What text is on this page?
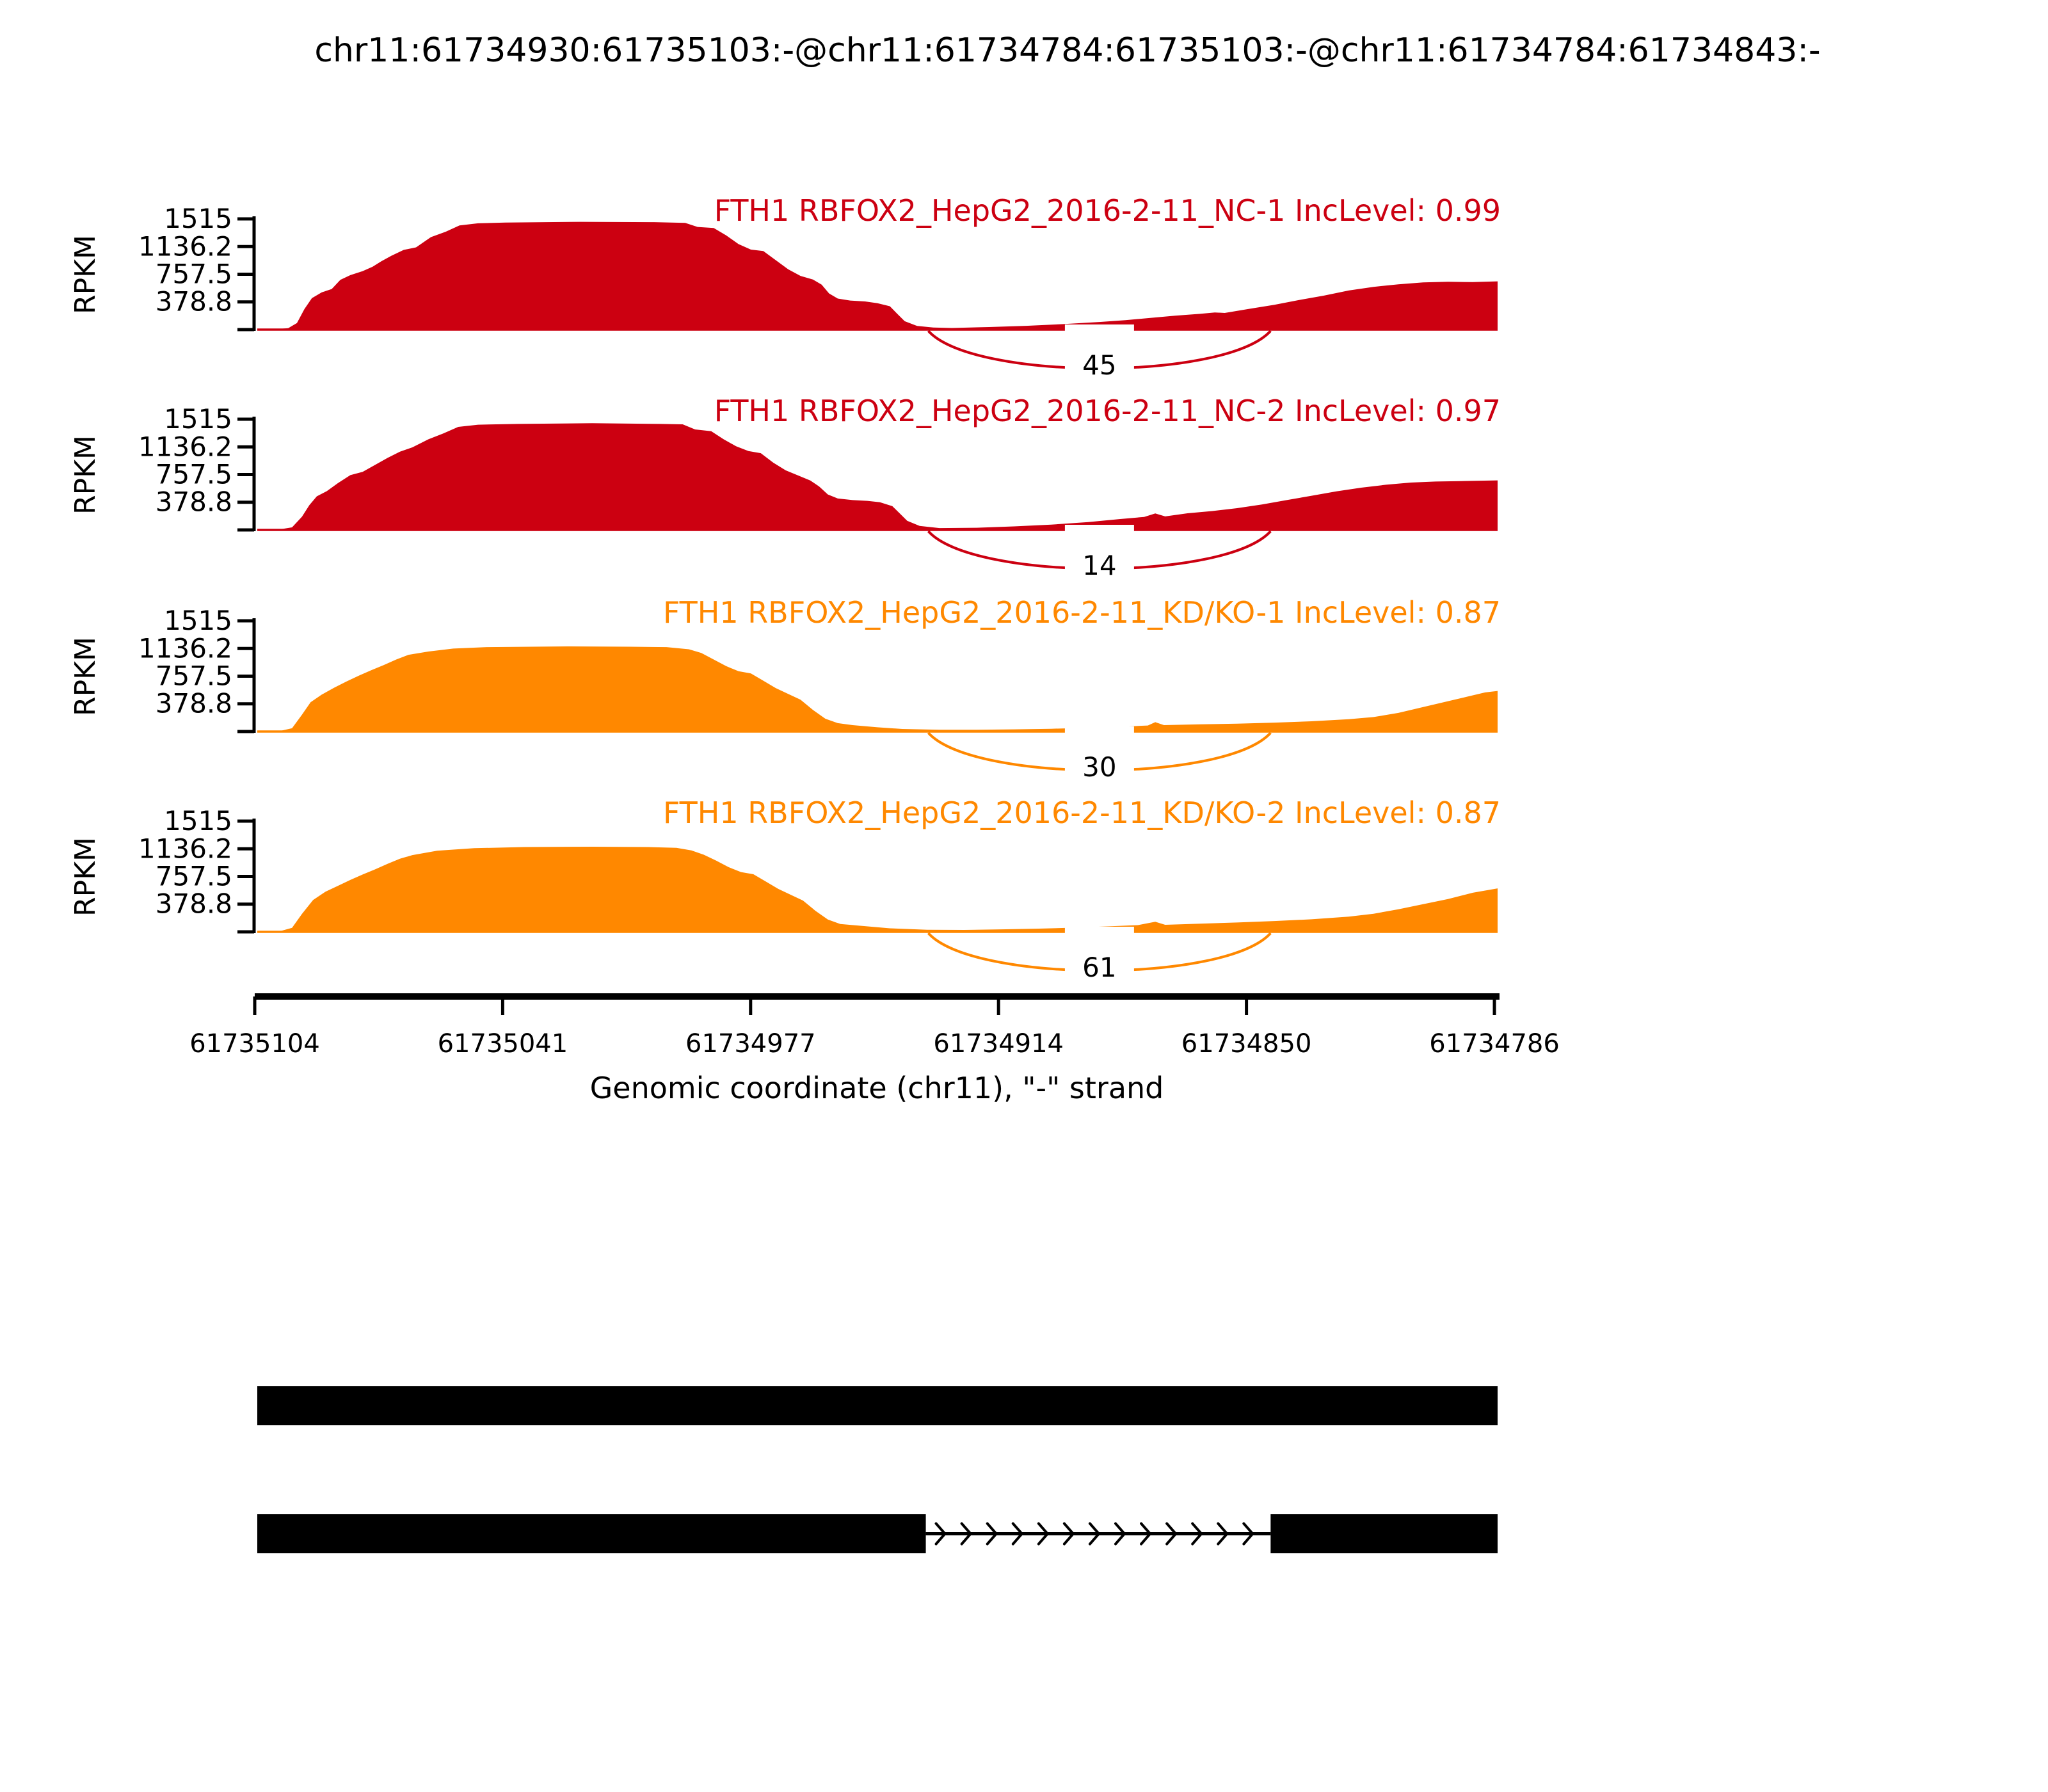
chr11:61734930:61735103:-@chr11:61734784:61735103:-@chr11:61734784:61734843:-
1515
1136.2
757.5
378.8
RPKM
45
FTH1 RBFOX2_HepG2_2016-2-11_NC-1 IncLevel: 0.99
1515
1136.2
757.5
378.8
RPKM
14
FTH1 RBFOX2_HepG2_2016-2-11_NC-2 IncLevel: 0.97
1515
1136.2
757.5
378.8
RPKM
30
FTH1 RBFOX2_HepG2_2016-2-11_KD/KO-1 IncLevel: 0.87
1515
1136.2
757.5
378.8
RPKM
61
FTH1 RBFOX2_HepG2_2016-2-11_KD/KO-2 IncLevel: 0.87
61735104	61735041	61734977	61734914	61734850	61734786
Genomic coordinate (chr11), "-" strand
